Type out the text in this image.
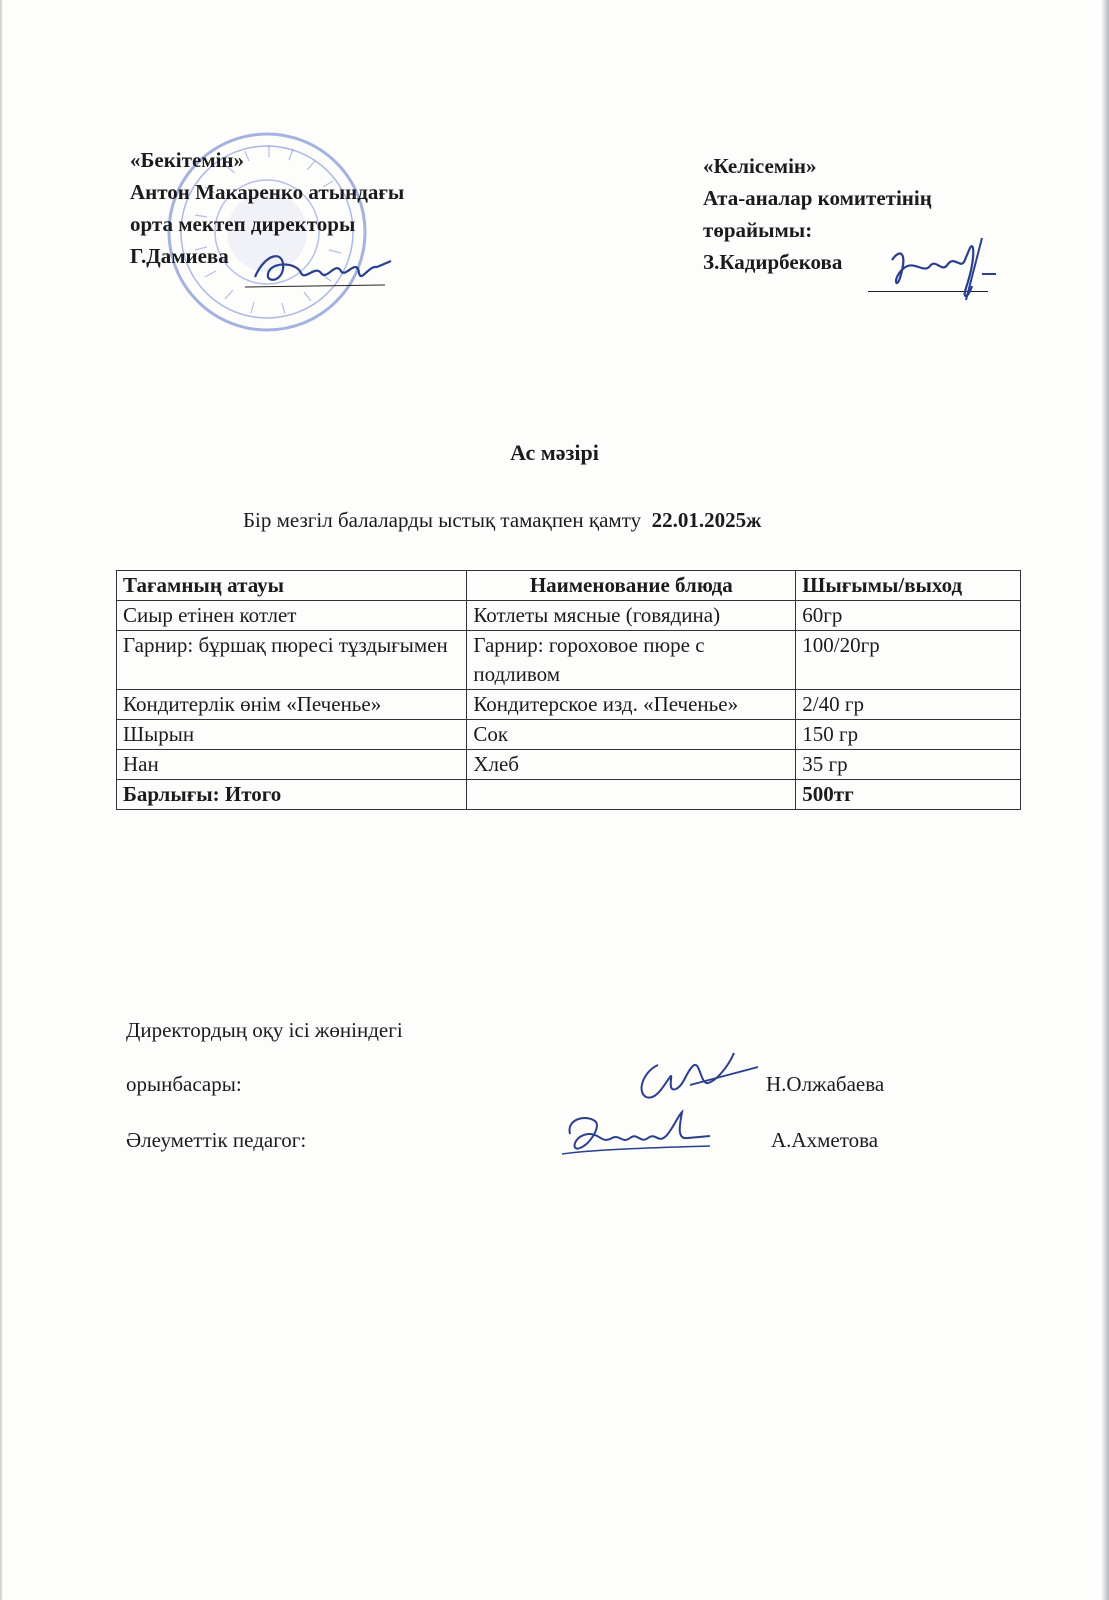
«Бекітемін»
Антон Макаренко атындағы
орта мектеп директоры
Г.Дамиева
«Келісемін»
Ата-аналар комитетінің
төрайымы:
З.Кадирбекова
Ас мәзірі
Бір мезгіл балаларды ыстық тамақпен қамту 22.01.2025ж
Тағамның атауы	Наименование блюда	Шығымы/выход
Сиыр етінен котлет	Котлеты мясные (говядина)	60гр
Гарнир: бұршақ пюресі тұздығымен	Гарнир: гороховое пюре с подливом	100/20гр
Кондитерлік өнім «Печенье»	Кондитерское изд. «Печенье»	2/40 гр
Шырын	Сок	150 гр
Нан	Хлеб	35 гр
Барлығы: Итого		500тг
Директордың оқу ісі жөніндегі
орынбасары:
Әлеуметтік педагог:
Н.Олжабаева
А.Ахметова
